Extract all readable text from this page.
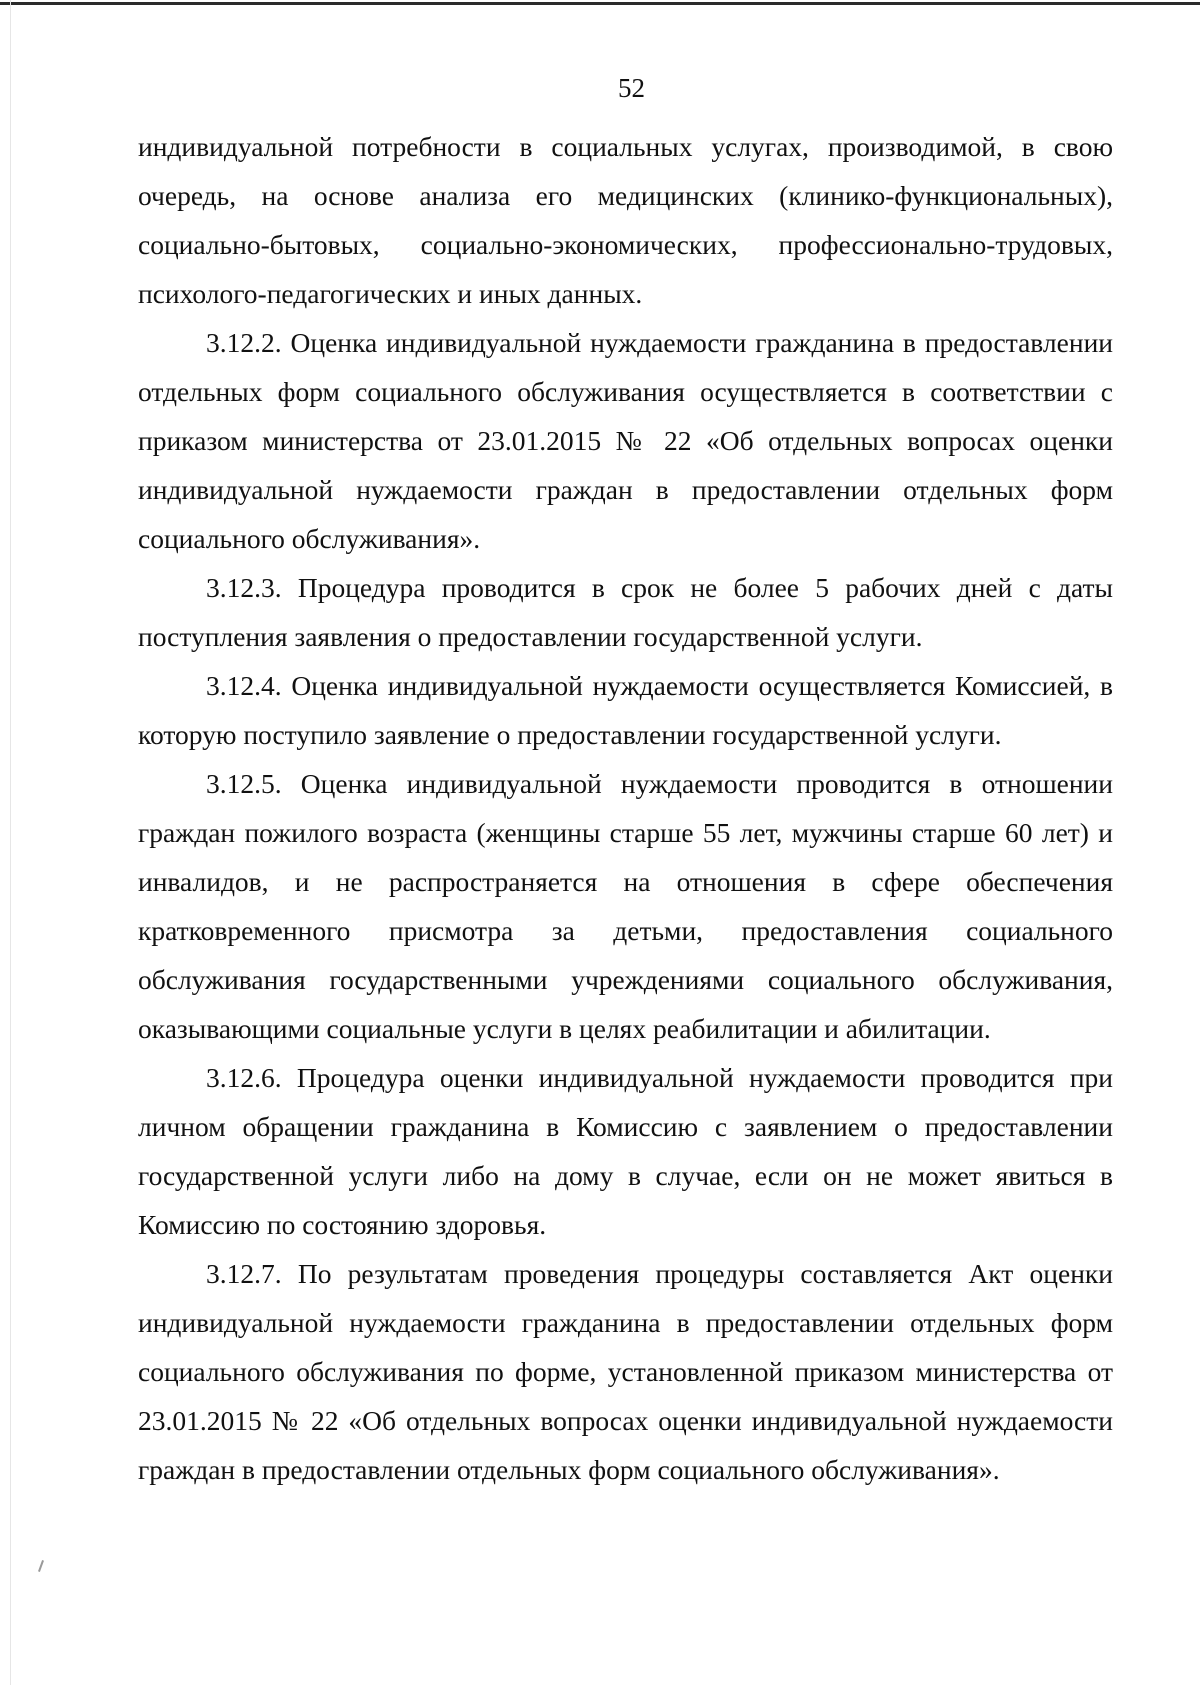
52

индивидуальной потребности в социальных услугах, производимой, в свою очередь, на основе анализа его медицинских (клинико-функциональных), социально-бытовых, социально-экономических, профессионально-трудовых, психолого-педагогических и иных данных.

3.12.2. Оценка индивидуальной нуждаемости гражданина в предоставлении отдельных форм социального обслуживания осуществляется в соответствии с приказом министерства от 23.01.2015 № 22 «Об отдельных вопросах оценки индивидуальной нуждаемости граждан в предоставлении отдельных форм социального обслуживания».

3.12.3. Процедура проводится в срок не более 5 рабочих дней с даты поступления заявления о предоставлении государственной услуги.

3.12.4. Оценка индивидуальной нуждаемости осуществляется Комиссией, в которую поступило заявление о предоставлении государственной услуги.

3.12.5. Оценка индивидуальной нуждаемости проводится в отношении граждан пожилого возраста (женщины старше 55 лет, мужчины старше 60 лет) и инвалидов, и не распространяется на отношения в сфере обеспечения кратковременного присмотра за детьми, предоставления социального обслуживания государственными учреждениями социального обслуживания, оказывающими социальные услуги в целях реабилитации и абилитации.

3.12.6. Процедура оценки индивидуальной нуждаемости проводится при личном обращении гражданина в Комиссию с заявлением о предоставлении государственной услуги либо на дому в случае, если он не может явиться в Комиссию по состоянию здоровья.

3.12.7. По результатам проведения процедуры составляется Акт оценки индивидуальной нуждаемости гражданина в предоставлении отдельных форм социального обслуживания по форме, установленной приказом министерства от 23.01.2015 № 22 «Об отдельных вопросах оценки индивидуальной нуждаемости граждан в предоставлении отдельных форм социального обслуживания».
